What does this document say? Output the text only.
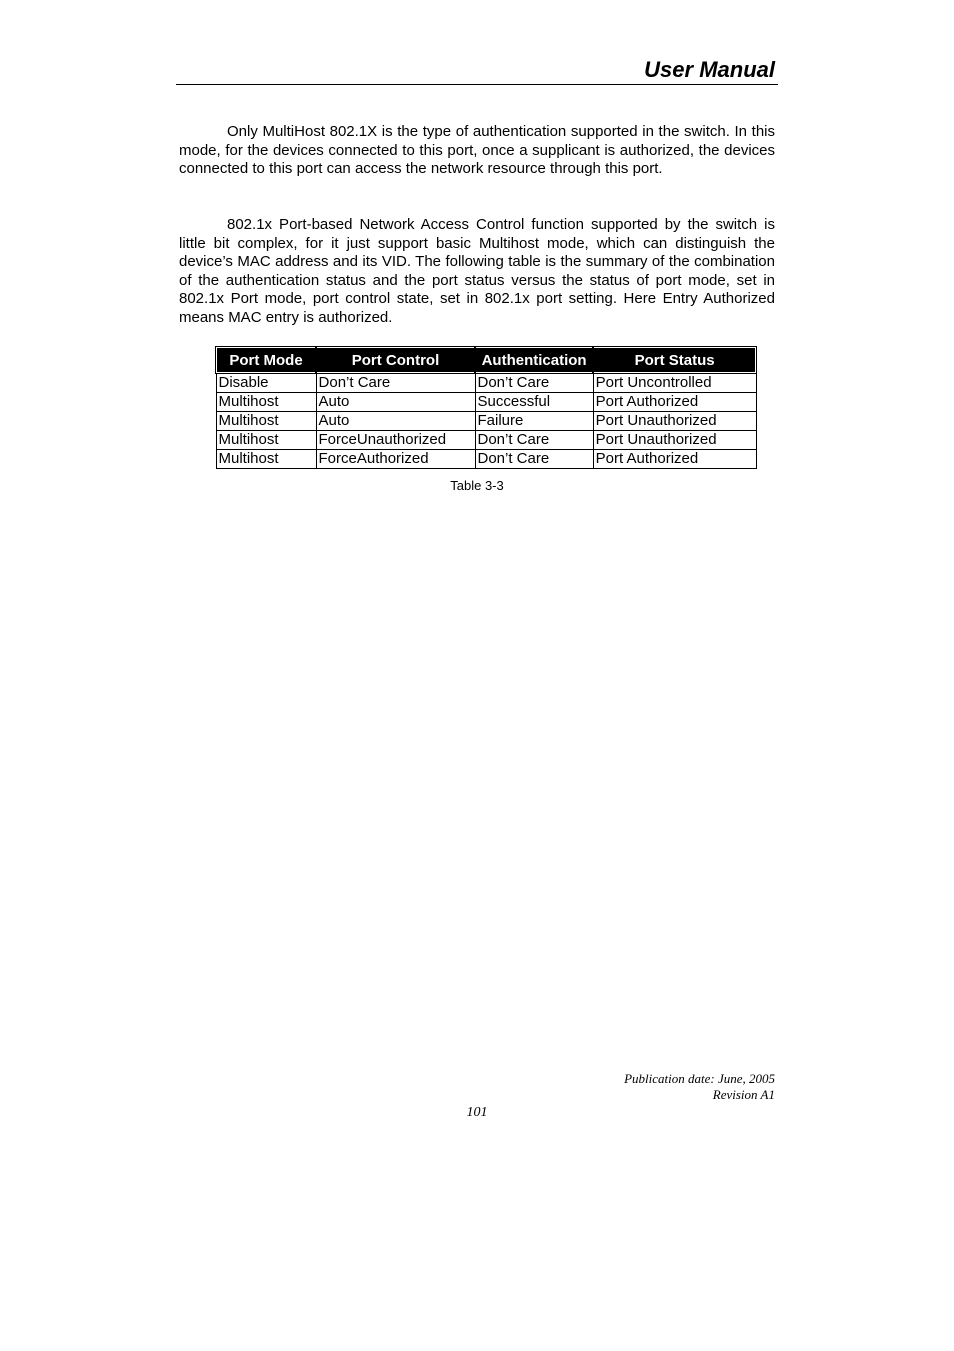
User Manual

Only MultiHost 802.1X is the type of authentication supported in the switch. In this mode, for the devices connected to this port, once a supplicant is authorized, the devices connected to this port can access the network resource through this port.

802.1x Port-based Network Access Control function supported by the switch is little bit complex, for it just support basic Multihost mode, which can distinguish the device’s MAC address and its VID. The following table is the summary of the combination of the authentication status and the port status versus the status of port mode, set in 802.1x Port mode, port control state, set in 802.1x port setting. Here Entry Authorized means MAC entry is authorized.

Port Mode	Port Control	Authentication	Port Status
Disable	Don’t Care	Don’t Care	Port Uncontrolled
Multihost	Auto	Successful	Port Authorized
Multihost	Auto	Failure	Port Unauthorized
Multihost	ForceUnauthorized	Don’t Care	Port Unauthorized
Multihost	ForceAuthorized	Don’t Care	Port Authorized

Table 3-3

Publication date: June, 2005
Revision A1
101
